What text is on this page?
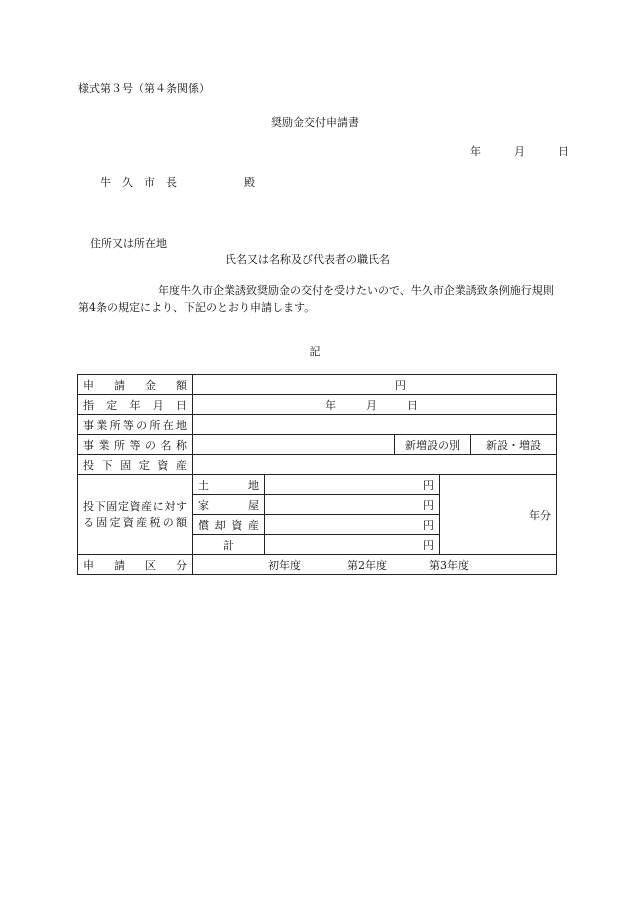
様式第３号（第４条関係）
奨励金交付申請書
年	月	日
牛　久　市　長	殿
住所又は所在地
氏名又は名称及び代表者の職氏名
年度牛久市企業誘致奨励金の交付を受けたいので、牛久市企業誘致条例施行規則第4条の規定により、下記のとおり申請します。
記
申請金額	円				
指定年月日	年 月 日				
事業所等の所在地					
事業所等の名称			新増設の別		新設・増設
投下固定資産					
投下固定資産に対する固定資産税の額	土地	円		年分	
	家屋	円			
	償却資産	円			
	計	円			
申請区分	初年度 第2年度 第3年度				
